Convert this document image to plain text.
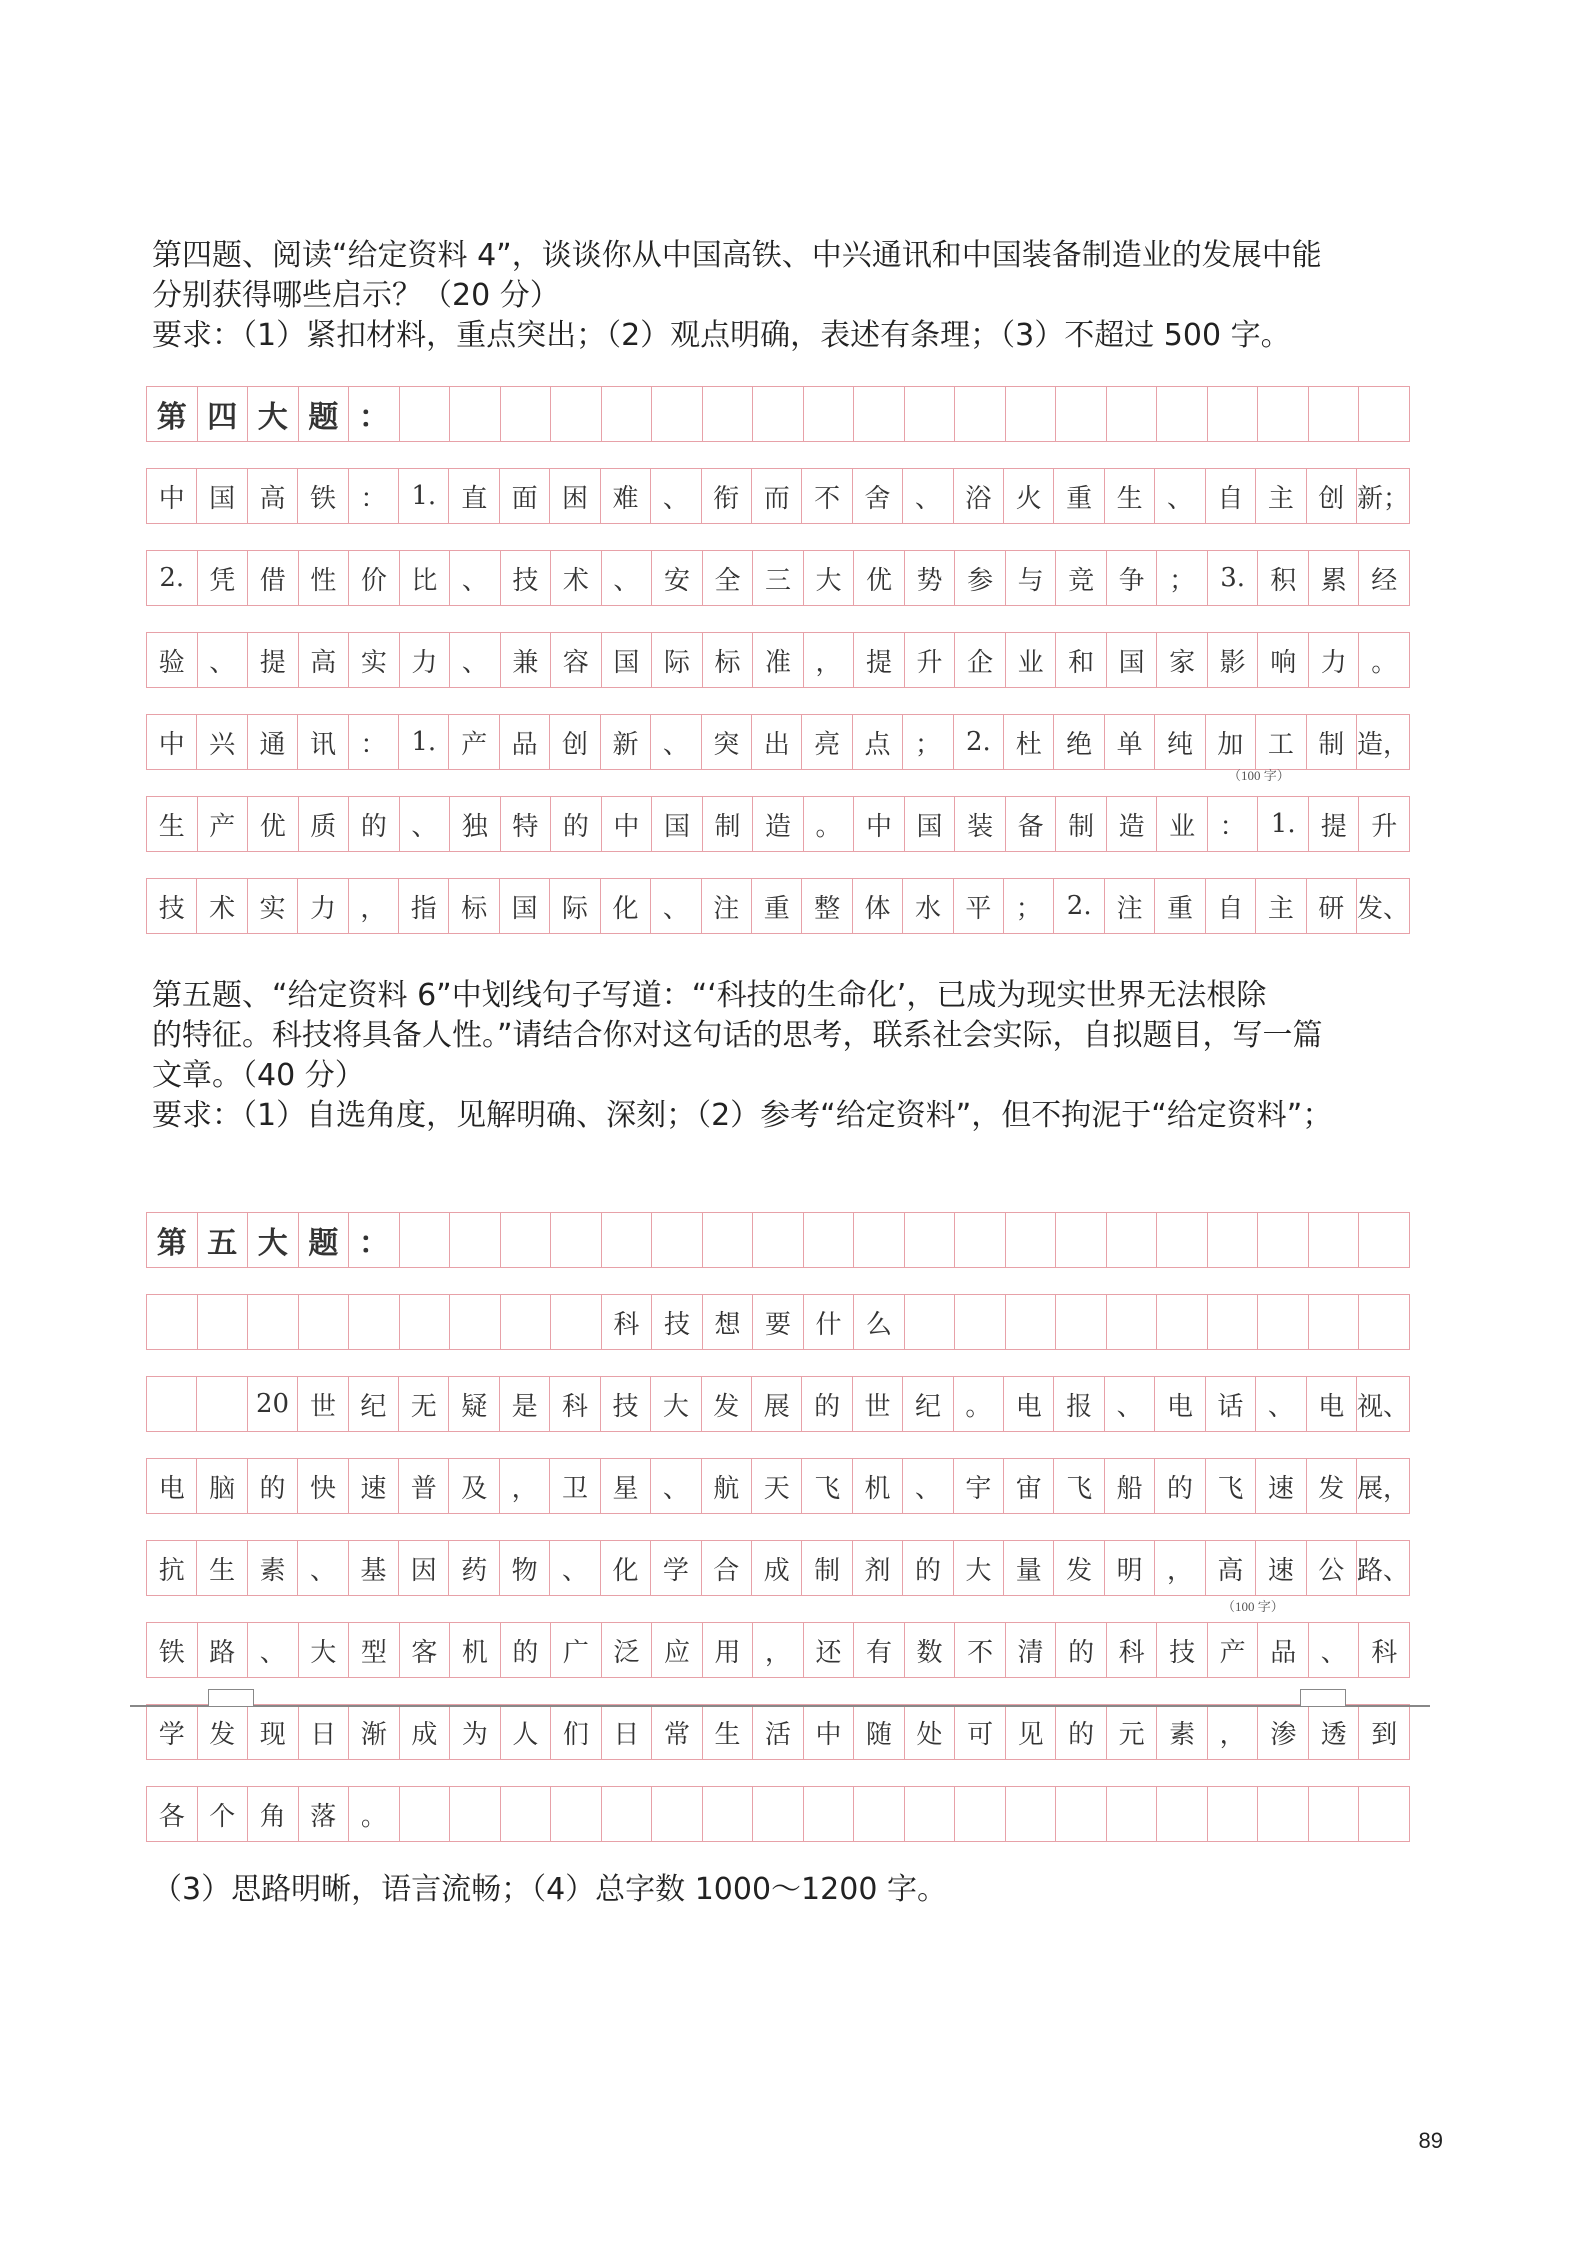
第四题、阅读“给定资料 4”，谈谈你从中国高铁、中兴通讯和中国装备制造业的发展中能

分别获得哪些启示？（20 分）

要求：（1）紧扣材料，重点突出；（2）观点明确，表述有条理；（3）不超过 500 字。

第 四 大 题 ：
中 国 高 铁 ： 1. 直 面 困 难 、 衔 而 不 舍 、 浴 火 重 生 、 自 主 创 新；
2. 凭 借 性 价 比 、 技 术 、 安 全 三 大 优 势 参 与 竞 争 ； 3. 积 累 经
验 、 提 高 实 力 、 兼 容 国 际 标 准 ， 提 升 企 业 和 国 家 影 响 力 。
中 兴 通 讯 ： 1. 产 品 创 新 、 突 出 亮 点 ； 2. 杜 绝 单 纯 加 工 制 造，
生 产 优 质 的 、 独 特 的 中 国 制 造 。 中 国 装 备 制 造 业 ： 1. 提 升
技 术 实 力 ， 指 标 国 际 化 、 注 重 整 体 水 平 ； 2. 注 重 自 主 研 发、
（100 字）

第五题、“给定资料 6”中划线句子写道：“‘科技的生命化’，已成为现实世界无法根除

的特征。科技将具备人性。”请结合你对这句话的思考，联系社会实际，自拟题目，写一篇

文章。（40 分）

要求：（1）自选角度，见解明确、深刻；（2）参考“给定资料”，但不拘泥于“给定资料”；

第 五 大 题 ：
科 技 想 要 什 么
20 世 纪 无 疑 是 科 技 大 发 展 的 世 纪 。 电 报 、 电 话 、 电 视、
电 脑 的 快 速 普 及 ， 卫 星 、 航 天 飞 机 、 宇 宙 飞 船 的 飞 速 发 展，
抗 生 素 、 基 因 药 物 、 化 学 合 成 制 剂 的 大 量 发 明 ， 高 速 公 路、
铁 路 、 大 型 客 机 的 广 泛 应 用 ， 还 有 数 不 清 的 科 技 产 品 、 科
学 发 现 日 渐 成 为 人 们 日 常 生 活 中 随 处 可 见 的 元 素 ， 渗 透 到
各 个 角 落 。
（100 字）

（3）思路明晰，语言流畅；（4）总字数 1000～1200 字。

89
